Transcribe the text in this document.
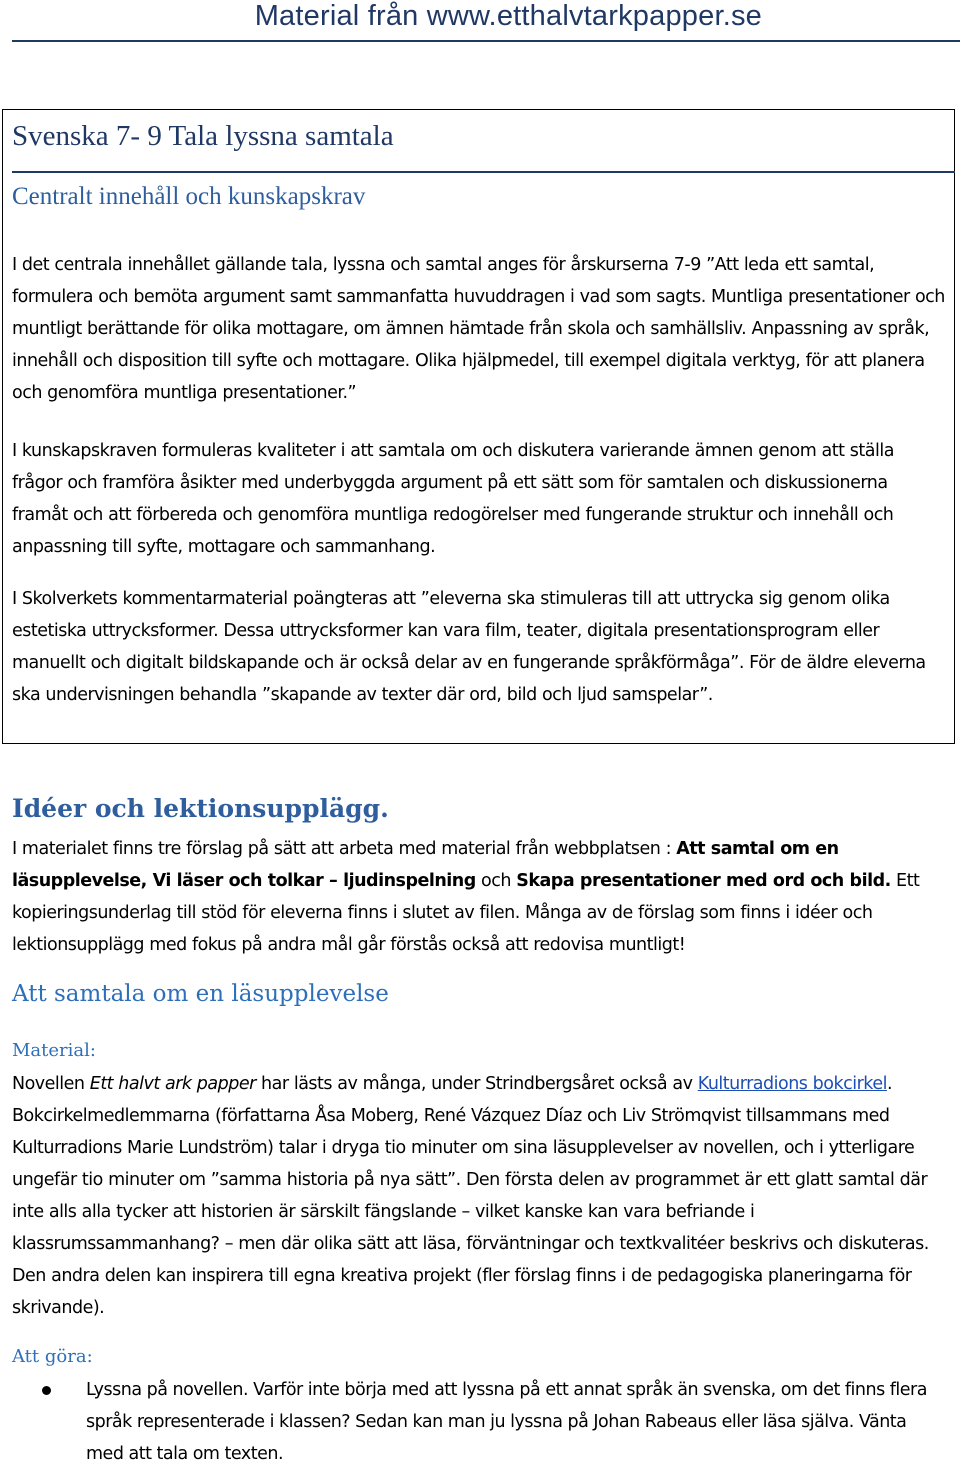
Material från www.etthalvtarkpapper.se
Svenska 7- 9 Tala lyssna samtala
Centralt innehåll och kunskapskrav

I det centrala innehållet gällande tala, lyssna och samtal anges för årskurserna 7-9 ”Att leda ett samtal, formulera och bemöta argument samt sammanfatta huvuddragen i vad som sagts. Muntliga presentationer och muntligt berättande för olika mottagare, om ämnen hämtade från skola och samhällsliv. Anpassning av språk, innehåll och disposition till syfte och mottagare. Olika hjälpmedel, till exempel digitala verktyg, för att planera och genomföra muntliga presentationer.”

I kunskapskraven formuleras kvaliteter i att samtala om och diskutera varierande ämnen genom att ställa frågor och framföra åsikter med underbyggda argument på ett sätt som för samtalen och diskussionerna framåt och att förbereda och genomföra muntliga redogörelser med fungerande struktur och innehåll och anpassning till syfte, mottagare och sammanhang.

I Skolverkets kommentarmaterial poängteras att ”eleverna ska stimuleras till att uttrycka sig genom olika estetiska uttrycksformer. Dessa uttrycksformer kan vara film, teater, digitala presentationsprogram eller manuellt och digitalt bildskapande och är också delar av en fungerande språkförmåga”. För de äldre eleverna ska undervisningen behandla ”skapande av texter där ord, bild och ljud samspelar”.

Idéer och lektionsupplägg.

I materialet finns tre förslag på sätt att arbeta med material från webbplatsen : Att samtal om en läsupplevelse, Vi läser och tolkar – ljudinspelning och Skapa presentationer med ord och bild. Ett kopieringsunderlag till stöd för eleverna finns i slutet av filen. Många av de förslag som finns i idéer och lektionsupplägg med fokus på andra mål går förstås också att redovisa muntligt!

Att samtala om en läsupplevelse
Material:

Novellen Ett halvt ark papper har lästs av många, under Strindbergsåret också av Kulturradions bokcirkel. Bokcirkelmedlemmarna (författarna Åsa Moberg, René Vázquez Díaz och Liv Strömqvist tillsammans med Kulturradions Marie Lundström) talar i dryga tio minuter om sina läsupplevelser av novellen, och i ytterligare ungefär tio minuter om ”samma historia på nya sätt”. Den första delen av programmet är ett glatt samtal där inte alls alla tycker att historien är särskilt fängslande – vilket kanske kan vara befriande i klassrumssammanhang? – men där olika sätt att läsa, förväntningar och textkvalitéer beskrivs och diskuteras. Den andra delen kan inspirera till egna kreativa projekt (fler förslag finns i de pedagogiska planeringarna för skrivande).

Att göra:
Lyssna på novellen. Varför inte börja med att lyssna på ett annat språk än svenska, om det finns flera språk representerade i klassen? Sedan kan man ju lyssna på Johan Rabeaus eller läsa själva. Vänta med att tala om texten.
